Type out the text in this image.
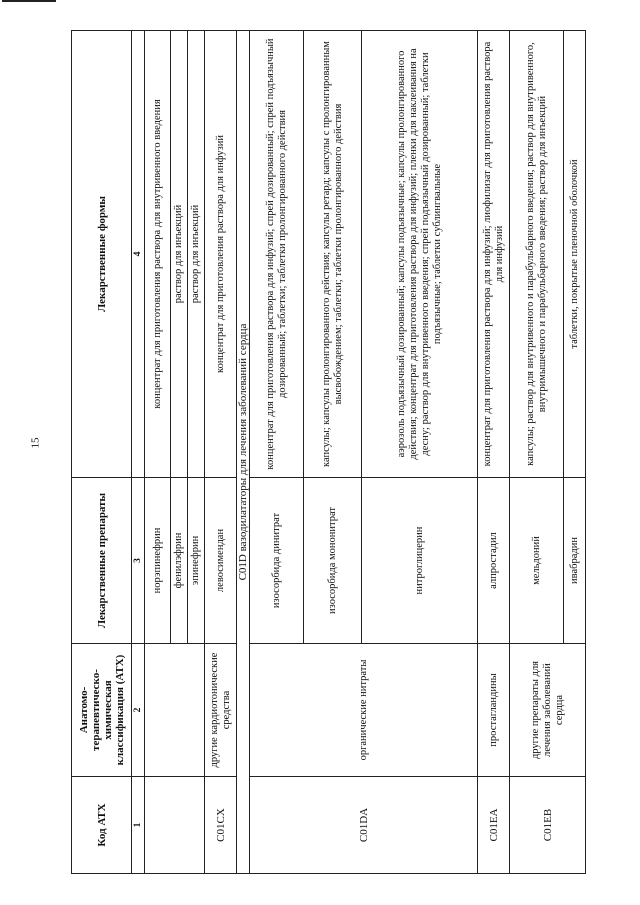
15
Код АТХ	Анатомо-терапевтическо-химическая классификация (АТХ)	Лекарственные препараты	Лекарственные формы
1	2	3	4
		норэпинефрин	концентрат для приготовления раствора для внутривенного введения
		фенилэфрин	раствор для инъекций
		эпинефрин	раствор для инъекций
C01CX	другие кардиотонические средства	левосимендан	концентрат для приготовления раствора для инфузий
C01D вазодилататоры для лечения заболеваний сердца			
C01DA	органические нитраты	изосорбида динитрат	концентрат для приготовления раствора для инфузий; спрей дозированный; спрей подъязычный дозированный; таблетки; таблетки пролонгированного действия
		изосорбида мононитрат	капсулы; капсулы пролонгированного действия; капсулы ретард; капсулы с пролонгированным высвобождением; таблетки; таблетки пролонгированного действия
		нитроглицерин	аэрозоль подъязычный дозированный; капсулы подъязычные; капсулы пролонгированного действия; концентрат для приготовления раствора для инфузий; пленки для наклеивания на десну; раствор для внутривенного введения; спрей подъязычный дозированный; таблетки подъязычные; таблетки сублингвальные
C01EA	простагландины	алпростадил	концентрат для приготовления раствора для инфузий; лиофилизат для приготовления раствора для инфузий
C01EB	другие препараты для лечения заболеваний сердца	мельдоний	капсулы; раствор для внутривенного и парабульбарного введения; раствор для внутривенного, внутримышечного и парабульбарного введения; раствор для инъекций
		ивабрадин	таблетки, покрытые пленочной оболочкой
